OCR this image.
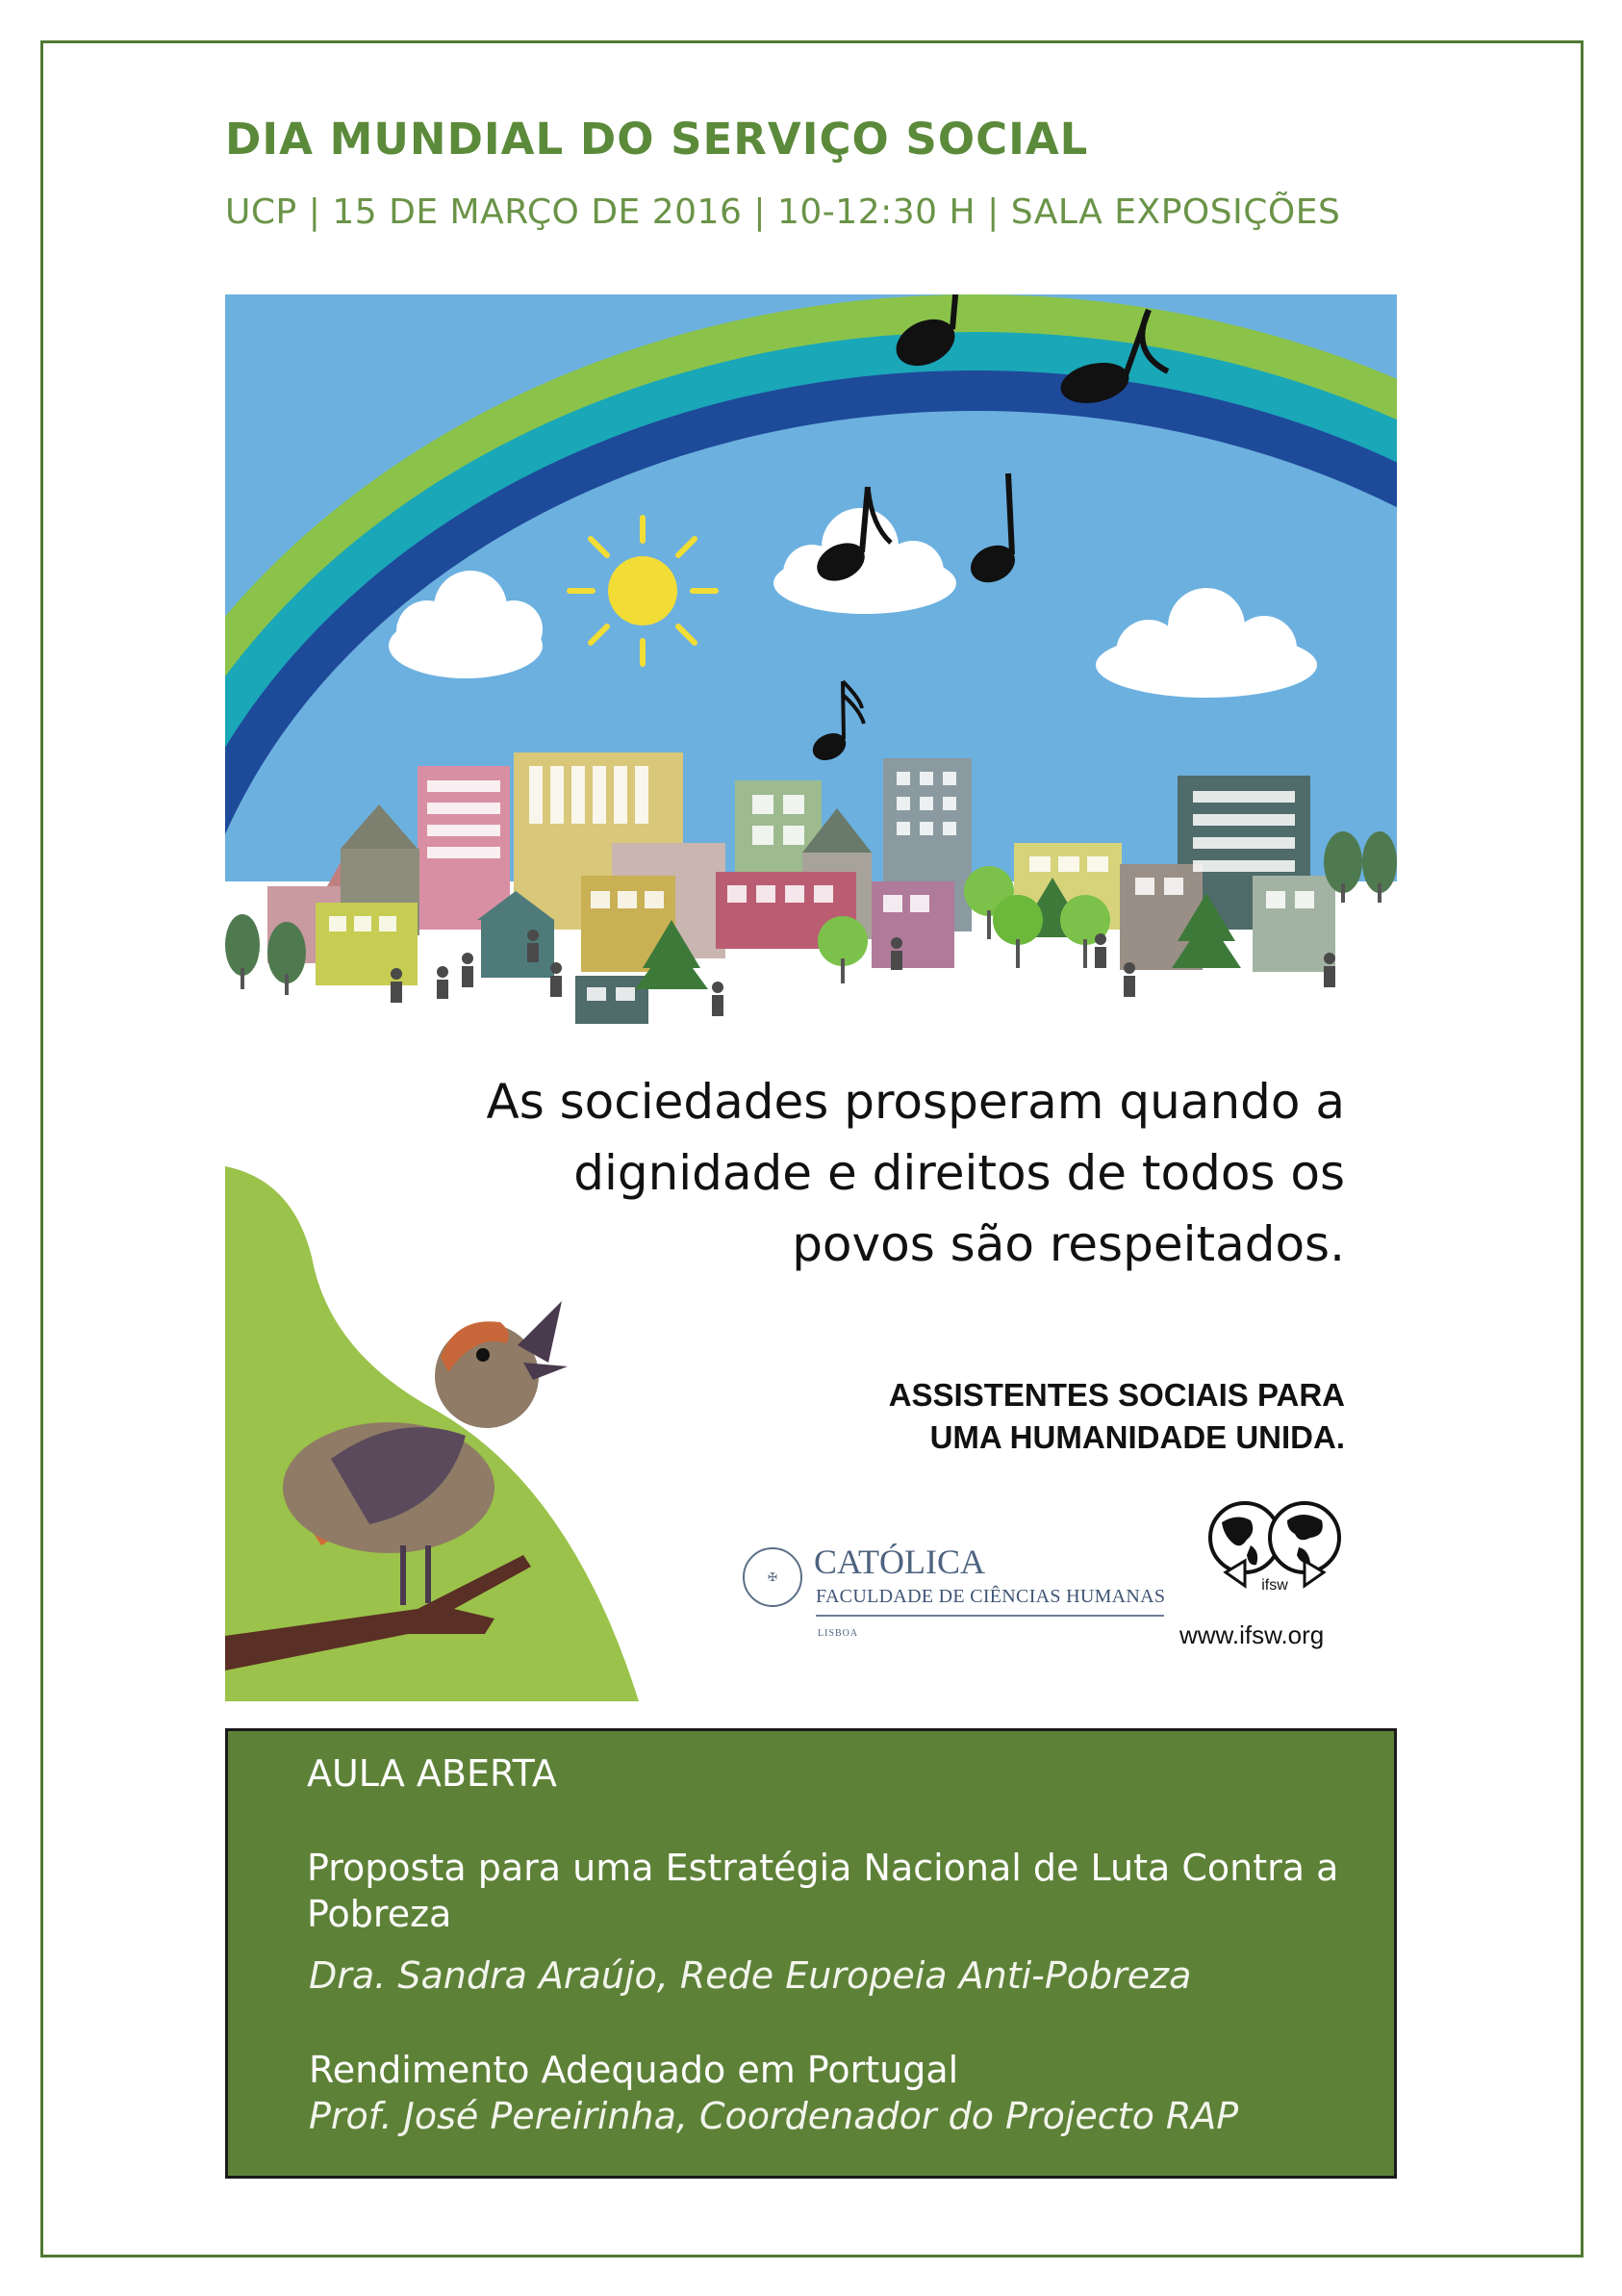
DIA MUNDIAL DO SERVIÇO SOCIAL
UCP | 15 DE MARÇO DE 2016 | 10-12:30 H | SALA EXPOSIÇÕES
As sociedades prosperam quando a
dignidade e direitos de todos os
povos são respeitados.
ASSISTENTES SOCIAIS PARA
UMA HUMANIDADE UNIDA.
✠	CATÓLICA
FACULDADE DE CIÊNCIAS HUMANAS
LISBOA
ifsw
www.ifsw.org
AULA ABERTA
Proposta para uma Estratégia Nacional de Luta Contra a Pobreza
Dra. Sandra Araújo, Rede Europeia Anti-Pobreza
Rendimento Adequado em Portugal
Prof. José Pereirinha, Coordenador do Projecto RAP
